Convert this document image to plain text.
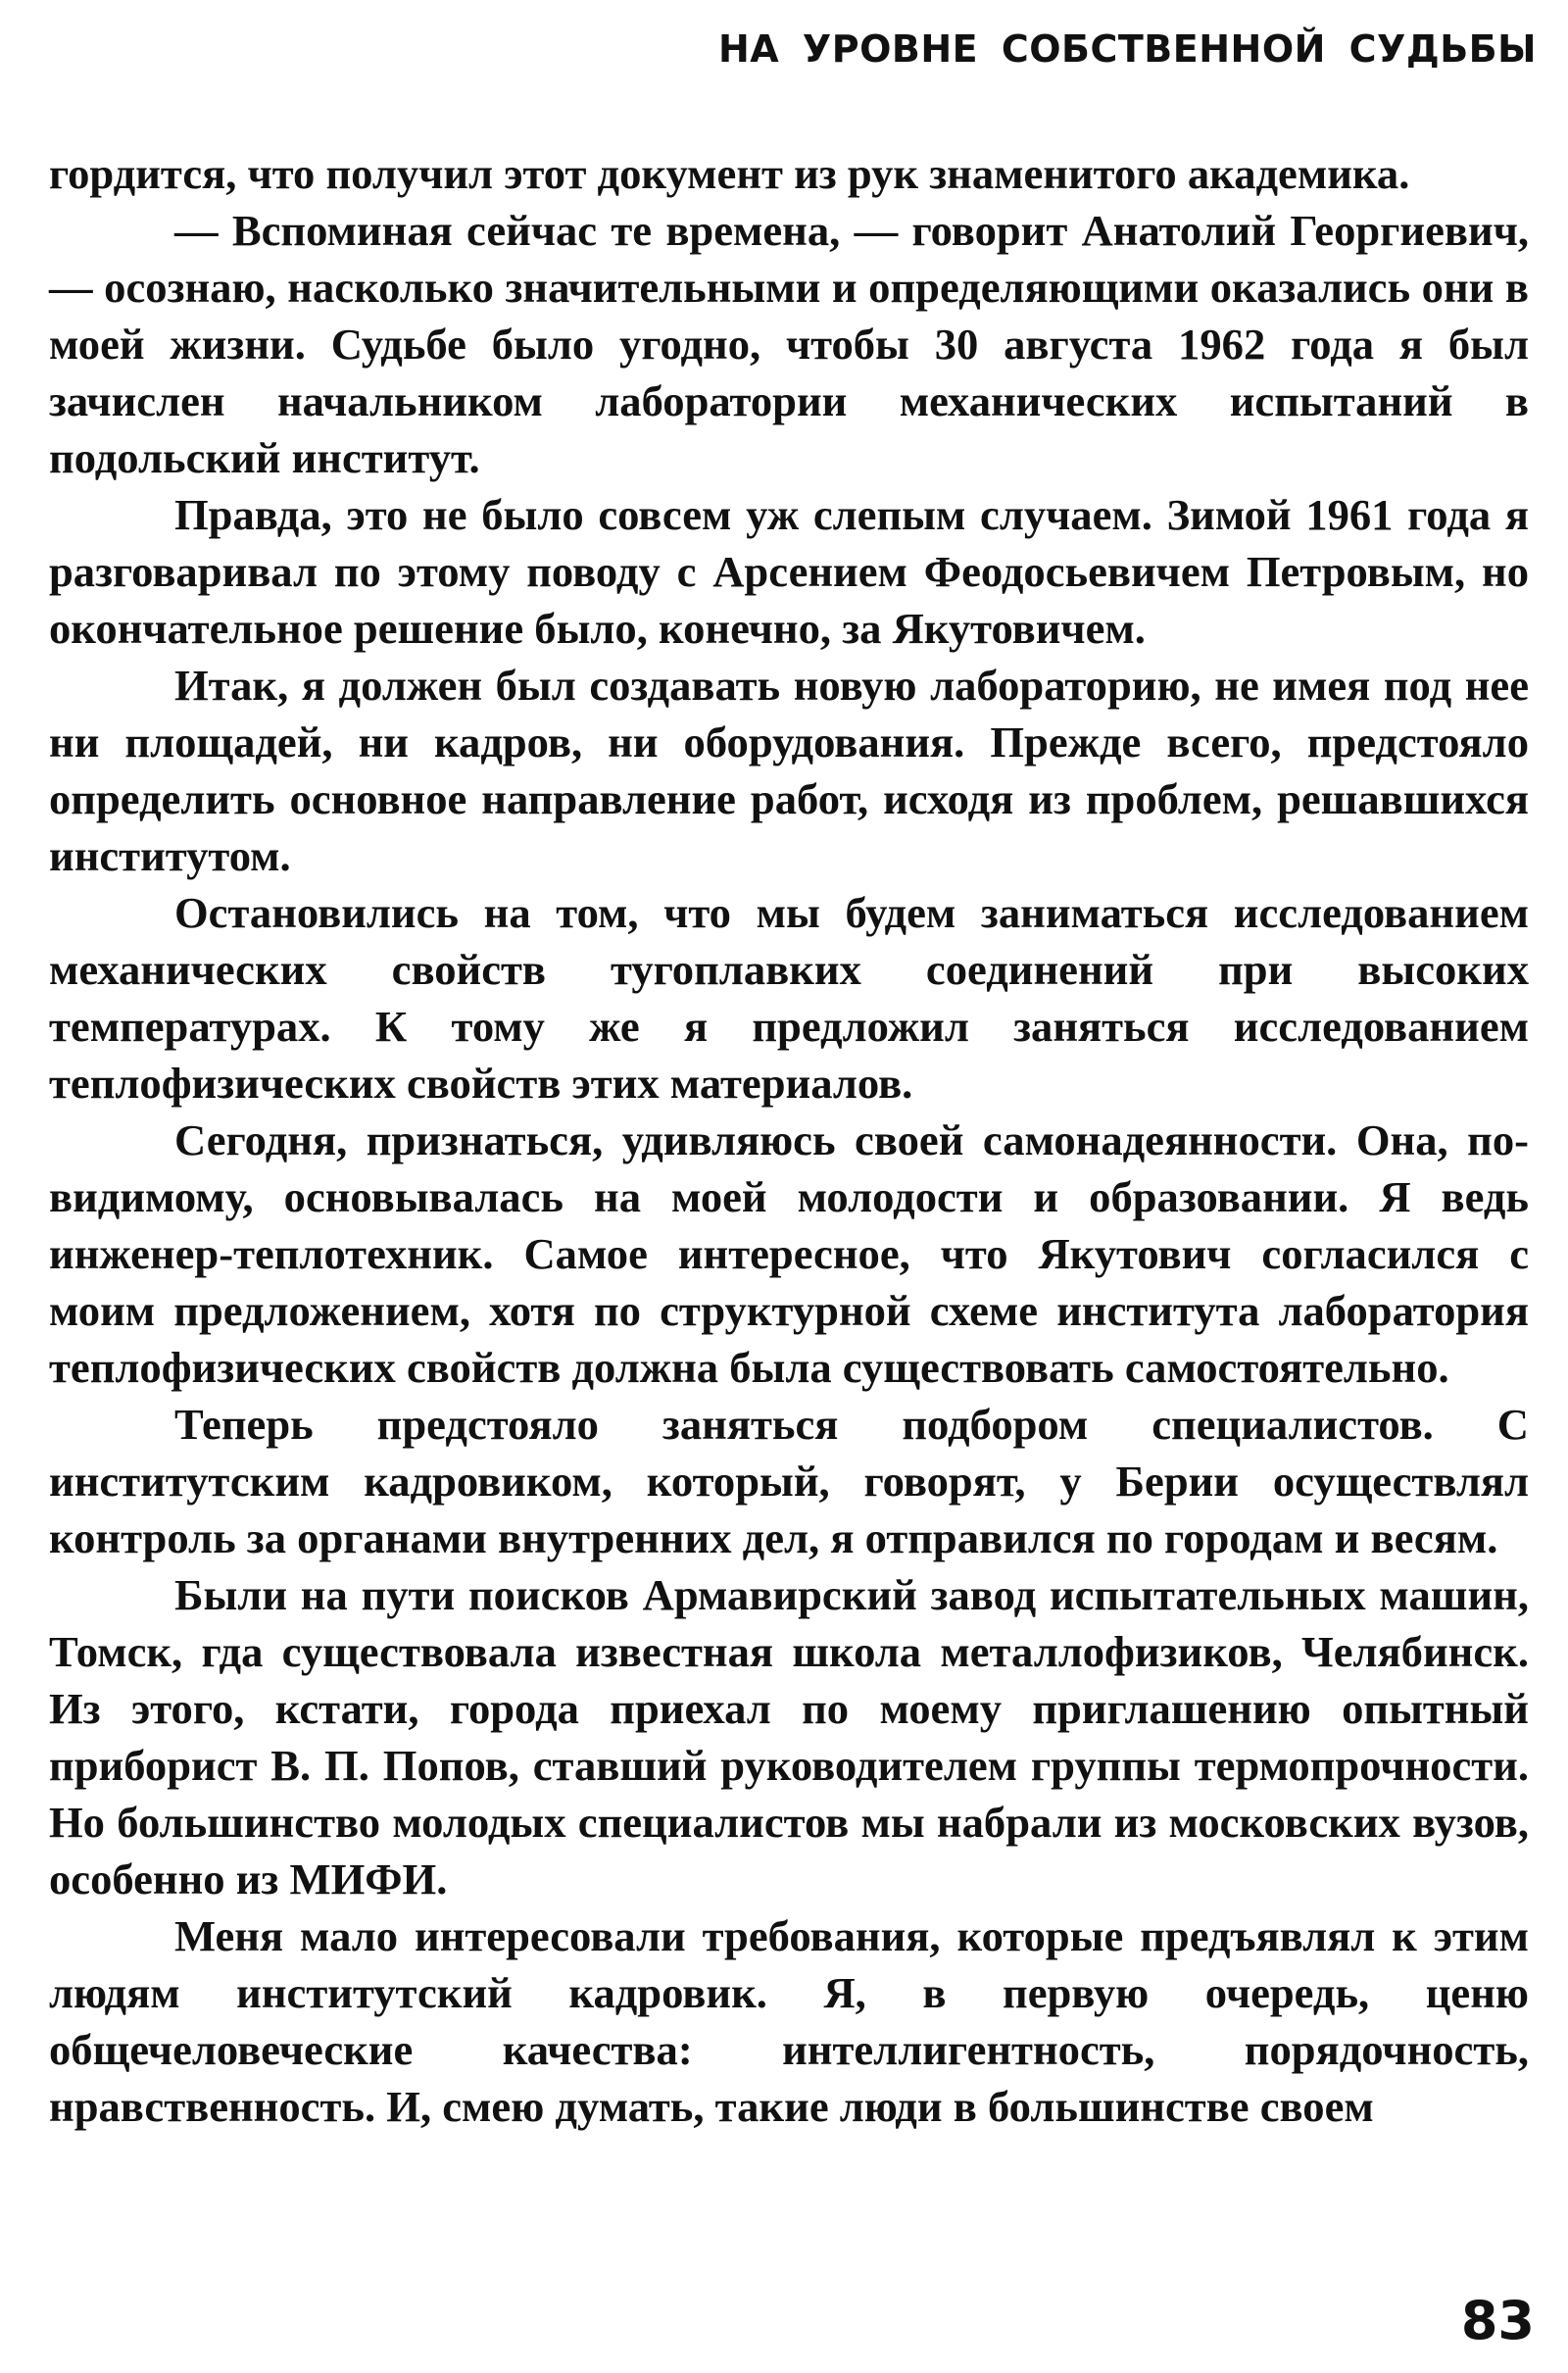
НА УРОВНЕ СОБСТВЕННОЙ СУДЬБЫ

гордится, что получил этот документ из рук знаменитого академика.

— Вспоминая сейчас те времена, — говорит Анатолий Георгиевич, — осознаю, насколько значительными и определяющими оказались они в моей жизни. Судьбе было угодно, чтобы 30 августа 1962 года я был зачислен начальником лаборатории механических испытаний в подольский институт.

Правда, это не было совсем уж слепым случаем. Зимой 1961 года я разговаривал по этому поводу с Арсением Феодосьевичем Петровым, но окончательное решение было, конечно, за Якутовичем.

Итак, я должен был создавать новую лабораторию, не имея под нее ни площадей, ни кадров, ни оборудования. Прежде всего, предстояло определить основное направление работ, исходя из проблем, решавшихся институтом.

Остановились на том, что мы будем заниматься исследованием механических свойств тугоплавких соединений при высоких температурах. К тому же я предложил заняться исследованием теплофизических свойств этих материалов.

Сегодня, признаться, удивляюсь своей самонадеянности. Она, по-видимому, основывалась на моей молодости и образовании. Я ведь инженер-теплотехник. Самое интересное, что Якутович согласился с моим предложением, хотя по структурной схеме института лаборатория теплофизических свойств должна была существовать самостоятельно.

Теперь предстояло заняться подбором специалистов. С институтским кадровиком, который, говорят, у Берии осуществлял контроль за органами внутренних дел, я отправился по городам и весям.

Были на пути поисков Армавирский завод испытательных машин, Томск, гда существовала известная школа металлофизиков, Челябинск. Из этого, кстати, города приехал по моему приглашению опытный приборист В. П. Попов, ставший руководителем группы термопрочности. Но большинство молодых специалистов мы набрали из московских вузов, особенно из МИФИ.

Меня мало интересовали требования, которые предъявлял к этим людям институтский кадровик. Я, в первую очередь, ценю общечеловеческие качества: интеллигентность, порядочность, нравственность. И, смею думать, такие люди в большинстве своем

83
